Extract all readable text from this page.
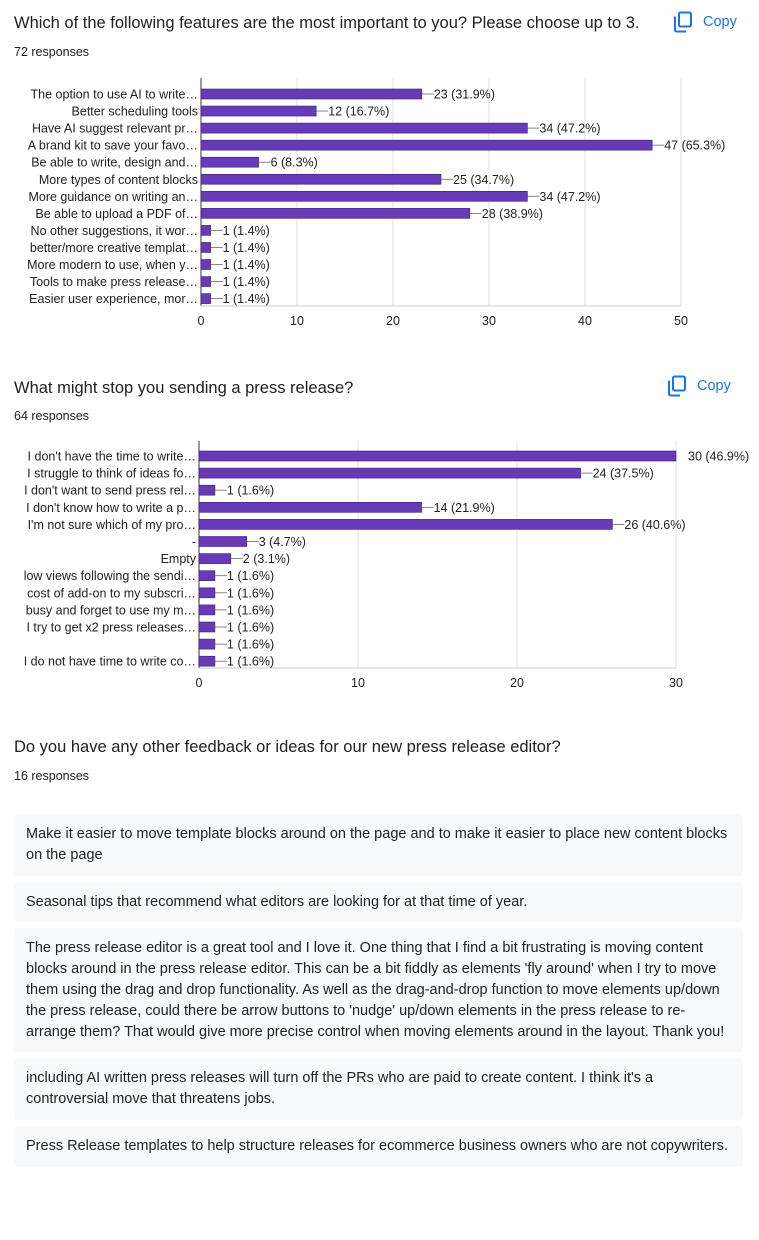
Which of the following features are the most important to you? Please choose up to 3.	Copy
72 responses
The option to use AI to write…	23 (31.9%)
Better scheduling tools	12 (16.7%)
Have AI suggest relevant pr…	34 (47.2%)
A brand kit to save your favo…	47 (65.3%)
Be able to write, design and…	6 (8.3%)
More types of content blocks	25 (34.7%)
More guidance on writing an…	34 (47.2%)
Be able to upload a PDF of…	28 (38.9%)
No other suggestions, it wor… 1 (1.4%)
better/more creative templat… 1 (1.4%)
More modern to use, when y… 1 (1.4%)
Tools to make press release… 1 (1.4%)
Easier user experience, mor… 1 (1.4%)
0	10	20	30	40	50
What might stop you sending a press release?	Copy
64 responses
I don't have the time to write…	30 (46.9%)
I struggle to think of ideas fo…	24 (37.5%)
I don't want to send press rel… 1 (1.6%)
I don't know how to write a p…	14 (21.9%)
I'm not sure which of my pro…	26 (40.6%)
-	3 (4.7%)
Empty	2 (3.1%)
low views following the sendi… 1 (1.6%)
cost of add-on to my subscri… 1 (1.6%)
busy and forget to use my m… 1 (1.6%)
I try to get x2 press releases… 1 (1.6%)
1 (1.6%)
I do not have time to write co… 1 (1.6%)
0	10	20	30
Do you have any other feedback or ideas for our new press release editor?
16 responses
Make it easier to move template blocks around on the page and to make it easier to place new content blocks on the page
Seasonal tips that recommend what editors are looking for at that time of year.
The press release editor is a great tool and I love it. One thing that I find a bit frustrating is moving content blocks around in the press release editor. This can be a bit fiddly as elements 'fly around' when I try to move them using the drag and drop functionality. As well as the drag-and-drop function to move elements up/down the press release, could there be arrow buttons to 'nudge' up/down elements in the press release to re-arrange them? That would give more precise control when moving elements around in the layout. Thank you!
including AI written press releases will turn off the PRs who are paid to create content. I think it's a controversial move that threatens jobs.
Press Release templates to help structure releases for ecommerce business owners who are not copywriters.
